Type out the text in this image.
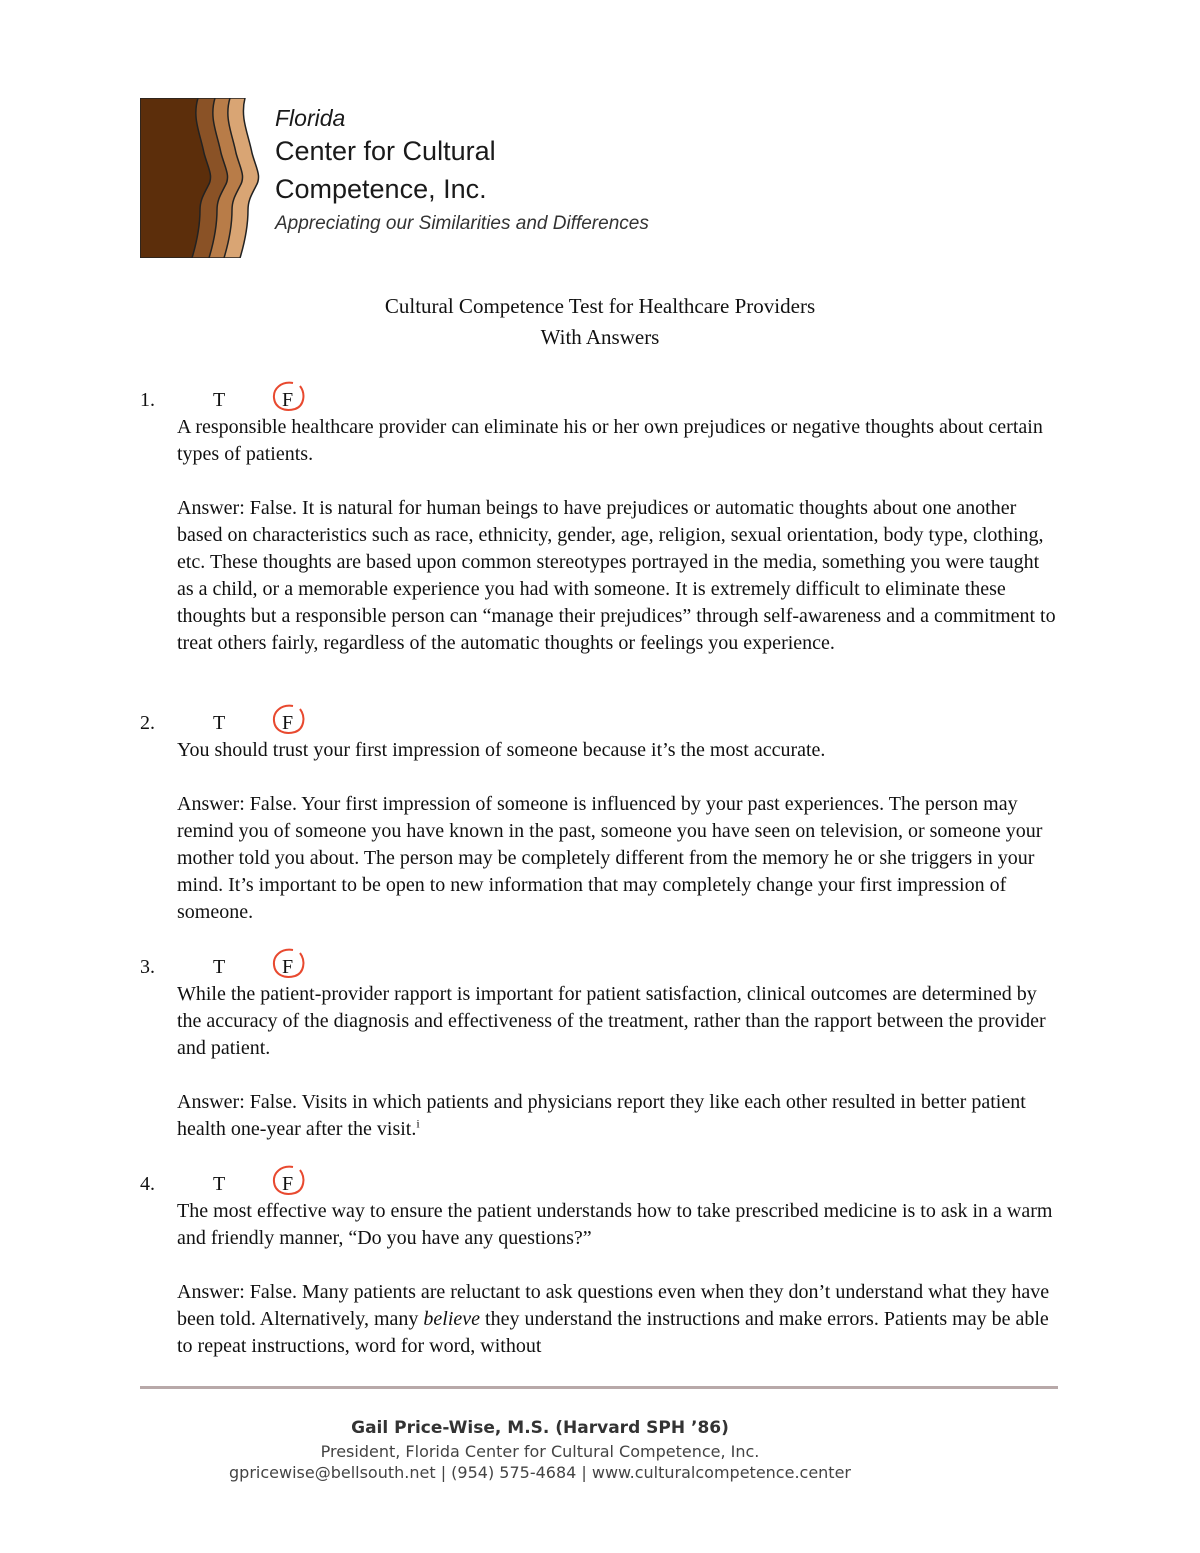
Florida
Center for Cultural
Competence, Inc.
Appreciating our Similarities and Differences
Cultural Competence Test for Healthcare Providers
With Answers
1.	T	F

A responsible healthcare provider can eliminate his or her own prejudices or negative thoughts about certain types of patients.

Answer: False. It is natural for human beings to have prejudices or automatic thoughts about one another based on characteristics such as race, ethnicity, gender, age, religion, sexual orientation, body type, clothing, etc. These thoughts are based upon common stereotypes portrayed in the media, something you were taught as a child, or a memorable experience you had with someone. It is extremely difficult to eliminate these thoughts but a responsible person can “manage their prejudices” through self-awareness and a commitment to treat others fairly, regardless of the automatic thoughts or feelings you experience.

2.	T	F

You should trust your first impression of someone because it’s the most accurate.

Answer: False. Your first impression of someone is influenced by your past experiences. The person may remind you of someone you have known in the past, someone you have seen on television, or someone your mother told you about. The person may be completely different from the memory he or she triggers in your mind. It’s important to be open to new information that may completely change your first impression of someone.

3.	T	F

While the patient-provider rapport is important for patient satisfaction, clinical outcomes are determined by the accuracy of the diagnosis and effectiveness of the treatment, rather than the rapport between the provider and patient.

Answer: False. Visits in which patients and physicians report they like each other resulted in better patient health one-year after the visit.$^i$

4.	T	F

The most effective way to ensure the patient understands how to take prescribed medicine is to ask in a warm and friendly manner, “Do you have any questions?”

Answer: False. Many patients are reluctant to ask questions even when they don’t understand what they have been told. Alternatively, many believe they understand the instructions and make errors. Patients may be able to repeat instructions, word for word, without

Gail Price-Wise, M.S. (Harvard SPH ’86)
President, Florida Center for Cultural Competence, Inc.
gpricewise@bellsouth.net | (954) 575-4684 | www.culturalcompetence.center
